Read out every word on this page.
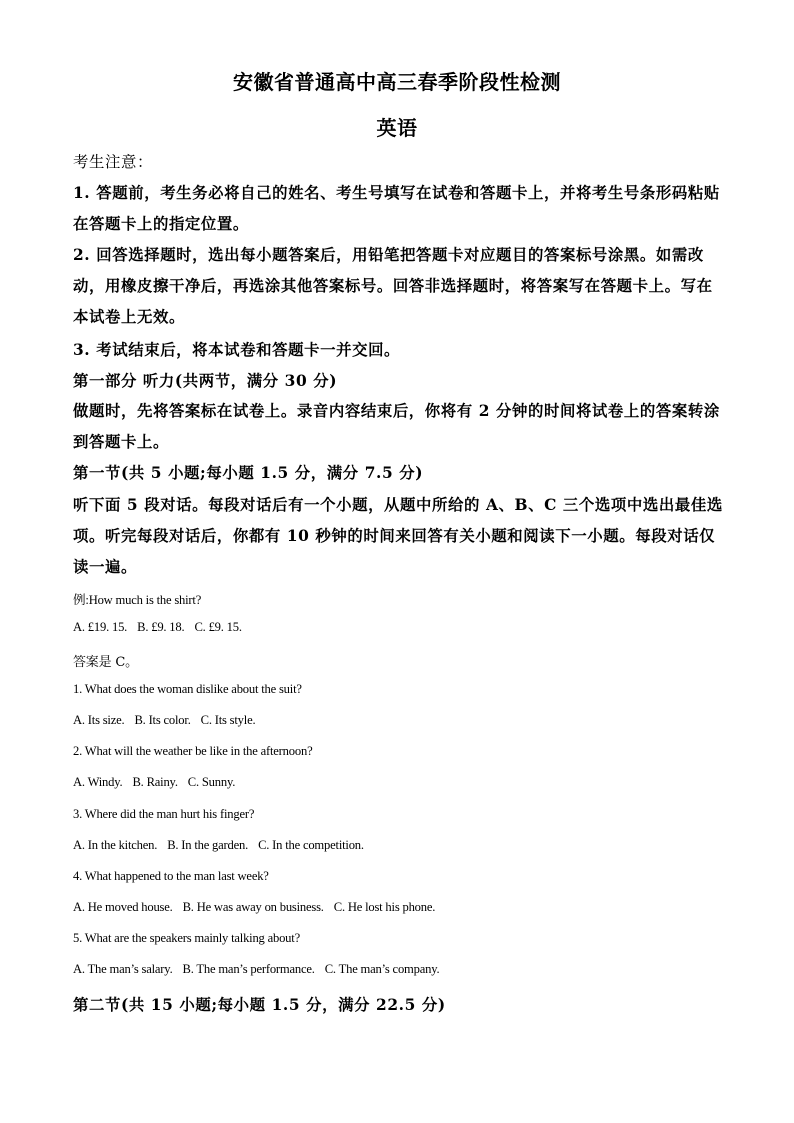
安徽省普通高中高三春季阶段性检测
英语
考生注意：
1. 答题前，考生务必将自己的姓名、考生号填写在试卷和答题卡上，并将考生号条形码粘贴
在答题卡上的指定位置。
2. 回答选择题时，选出每小题答案后，用铅笔把答题卡对应题目的答案标号涂黑。如需改
动，用橡皮擦干净后，再选涂其他答案标号。回答非选择题时，将答案写在答题卡上。写在
本试卷上无效。
3. 考试结束后，将本试卷和答题卡一并交回。
第一部分 听力(共两节，满分 30 分)
做题时，先将答案标在试卷上。录音内容结束后，你将有 2 分钟的时间将试卷上的答案转涂
到答题卡上。
第一节(共 5 小题;每小题 1.5 分，满分 7.5 分)
听下面 5 段对话。每段对话后有一个小题，从题中所给的 A、B、C 三个选项中选出最佳选
项。听完每段对话后，你都有 10 秒钟的时间来回答有关小题和阅读下一小题。每段对话仅
读一遍。
例:How much is the shirt?
A. £19. 15. B. £9. 18. C. £9. 15.
答案是 C。
1. What does the woman dislike about the suit?
A. Its size. B. Its color. C. Its style.
2. What will the weather be like in the afternoon?
A. Windy. B. Rainy. C. Sunny.
3. Where did the man hurt his finger?
A. In the kitchen. B. In the garden. C. In the competition.
4. What happened to the man last week?
A. He moved house. B. He was away on business. C. He lost his phone.
5. What are the speakers mainly talking about?
A. The man’s salary. B. The man’s performance. C. The man’s company.
第二节(共 15 小题;每小题 1.5 分，满分 22.5 分)
